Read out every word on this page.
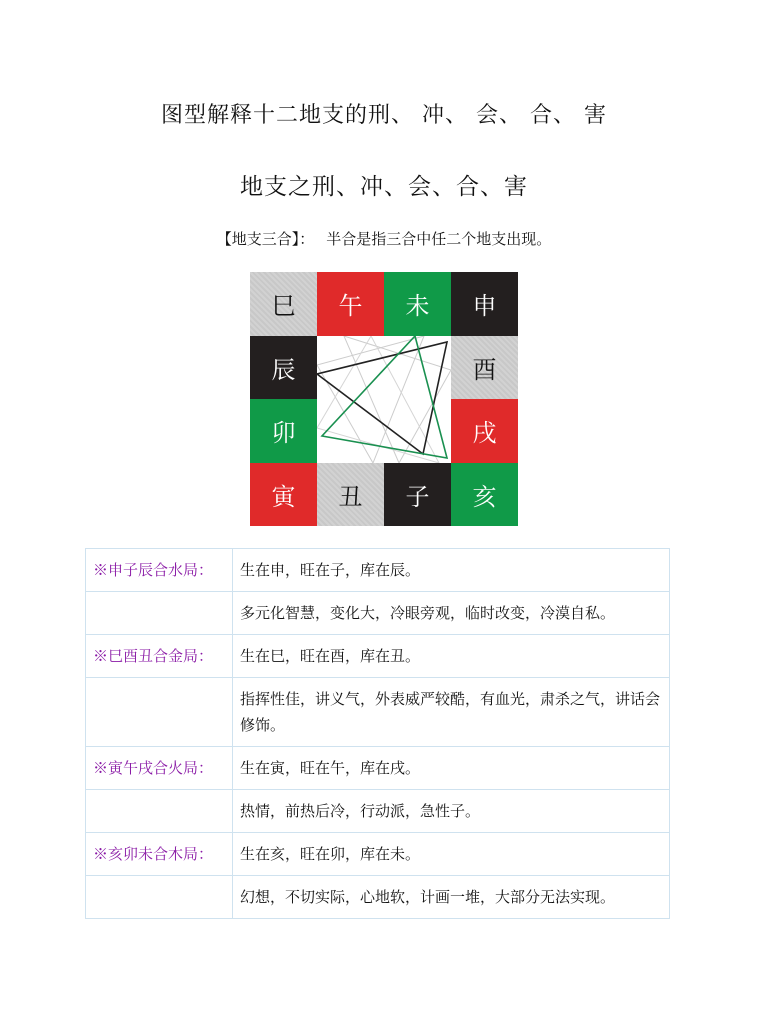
图型解释十二地支的刑、 冲、 会、 合、 害
地支之刑、冲、会、合、害
【地支三合】： 半合是指三合中任二个地支出现。
巳	午	未	申
辰
卯
酉
戌
寅	丑	子	亥
※申子辰合水局：	生在申，旺在子，库在辰。
	多元化智慧，变化大，冷眼旁观，临时改变，冷漠自私。
※巳酉丑合金局：	生在巳，旺在酉，库在丑。
	指挥性佳，讲义气，外表威严较酷，有血光，肃杀之气，讲话会修饰。
※寅午戌合火局：	生在寅，旺在午，库在戌。
	热情，前热后冷，行动派，急性子。
※亥卯未合木局：	生在亥，旺在卯，库在未。
	幻想，不切实际，心地软，计画一堆，大部分无法实现。
